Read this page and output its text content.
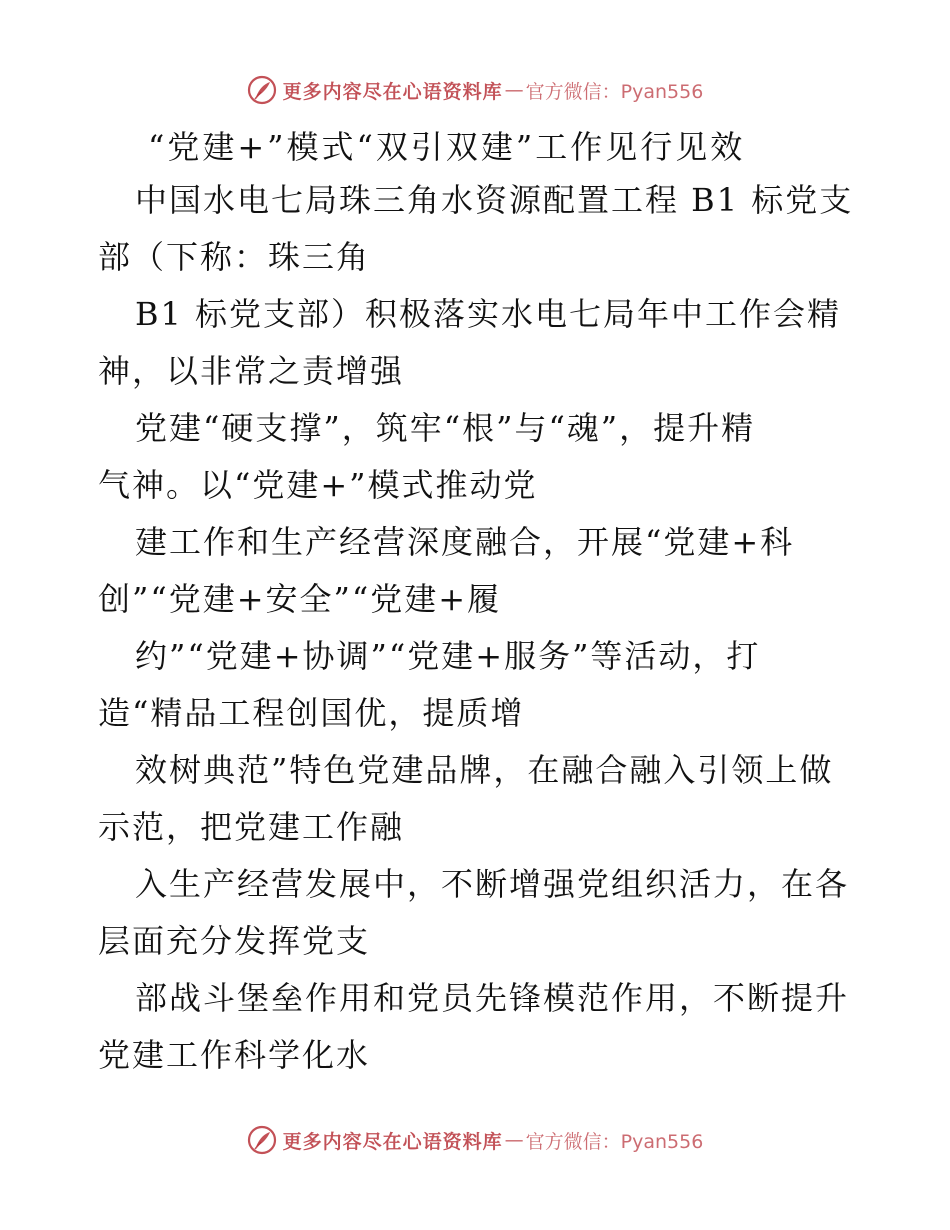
更多内容尽在心语资料库 — 官方微信：Pyan556
“党建+”模式“双引双建”工作见行见效
中国水电七局珠三角水资源配置工程 B1 标党支
部（下称：珠三角
B1 标党支部）积极落实水电七局年中工作会精
神，以非常之责增强
党建“硬支撑”，筑牢“根”与“魂”，提升精
气神。以“党建+”模式推动党
建工作和生产经营深度融合，开展“党建+科
创”“党建+安全”“党建+履
约”“党建+协调”“党建+服务”等活动，打
造“精品工程创国优，提质增
效树典范”特色党建品牌，在融合融入引领上做
示范，把党建工作融
入生产经营发展中，不断增强党组织活力，在各
层面充分发挥党支
部战斗堡垒作用和党员先锋模范作用，不断提升
党建工作科学化水
更多内容尽在心语资料库 — 官方微信：Pyan556
